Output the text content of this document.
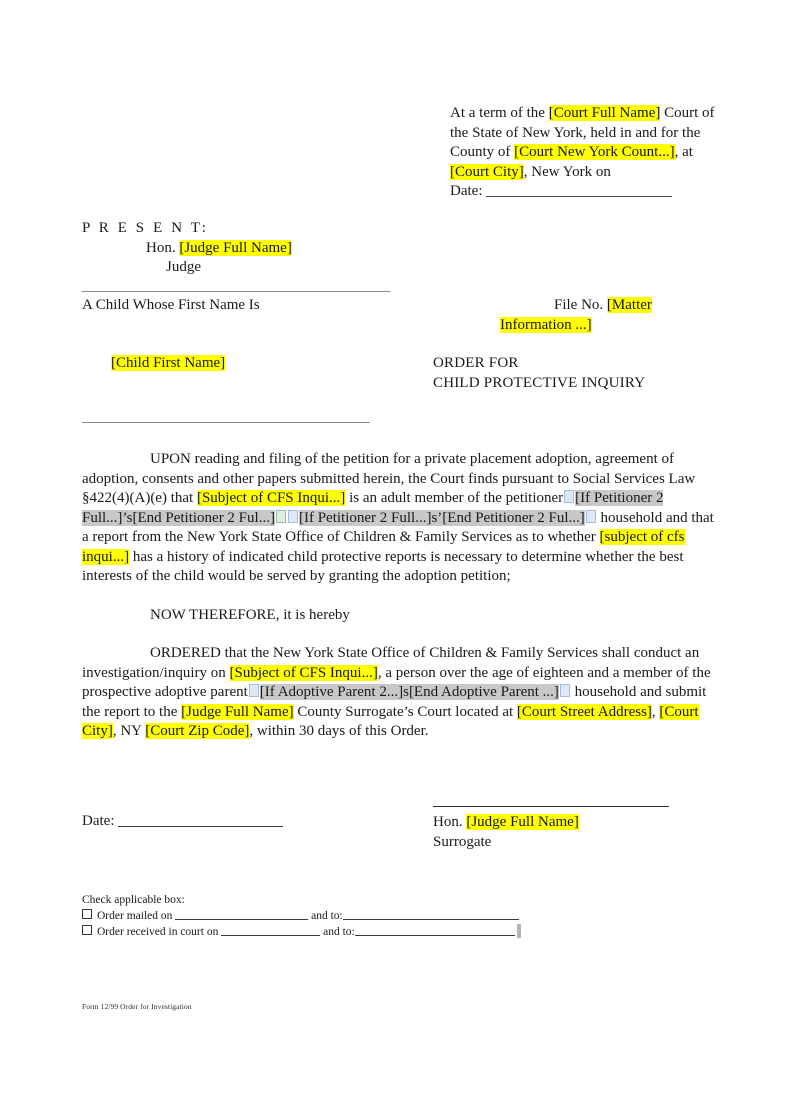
At a term of the [Court Full Name] Court of the State of New York, held in and for the County of [Court New York Count...], at [Court City], New York on
Date:
P R E S E N T:
Hon. [Judge Full Name]
Judge
A Child Whose First Name Is
[Child First Name]
File No. [Matter Information ...]
ORDER FOR
CHILD PROTECTIVE INQUIRY

UPON reading and filing of the petition for a private placement adoption, agreement of adoption, consents and other papers submitted herein, the Court finds pursuant to Social Services Law §422(4)(A)(e) that [Subject of CFS Inqui...] is an adult member of the petitioner [If Petitioner 2 Full...]’s[End Petitioner 2 Ful...] [If Petitioner 2 Full...]s’[End Petitioner 2 Ful...] household and that a report from the New York State Office of Children & Family Services as to whether [subject of cfs inqui...] has a history of indicated child protective reports is necessary to determine whether the best interests of the child would be served by granting the adoption petition;

NOW THEREFORE, it is hereby

ORDERED that the New York State Office of Children & Family Services shall conduct an investigation/inquiry on [Subject of CFS Inqui...], a person over the age of eighteen and a member of the prospective adoptive parent [If Adoptive Parent 2...]s[End Adoptive Parent ...] household and submit the report to the [Judge Full Name] County Surrogate’s Court located at [Court Street Address], [Court City], NY [Court Zip Code], within 30 days of this Order.

Date:	Hon. [Judge Full Name]
Surrogate
Check applicable box:
Order mailed on	and to:
Order received in court on	and to:
Form 12/99 Order for Investigation
